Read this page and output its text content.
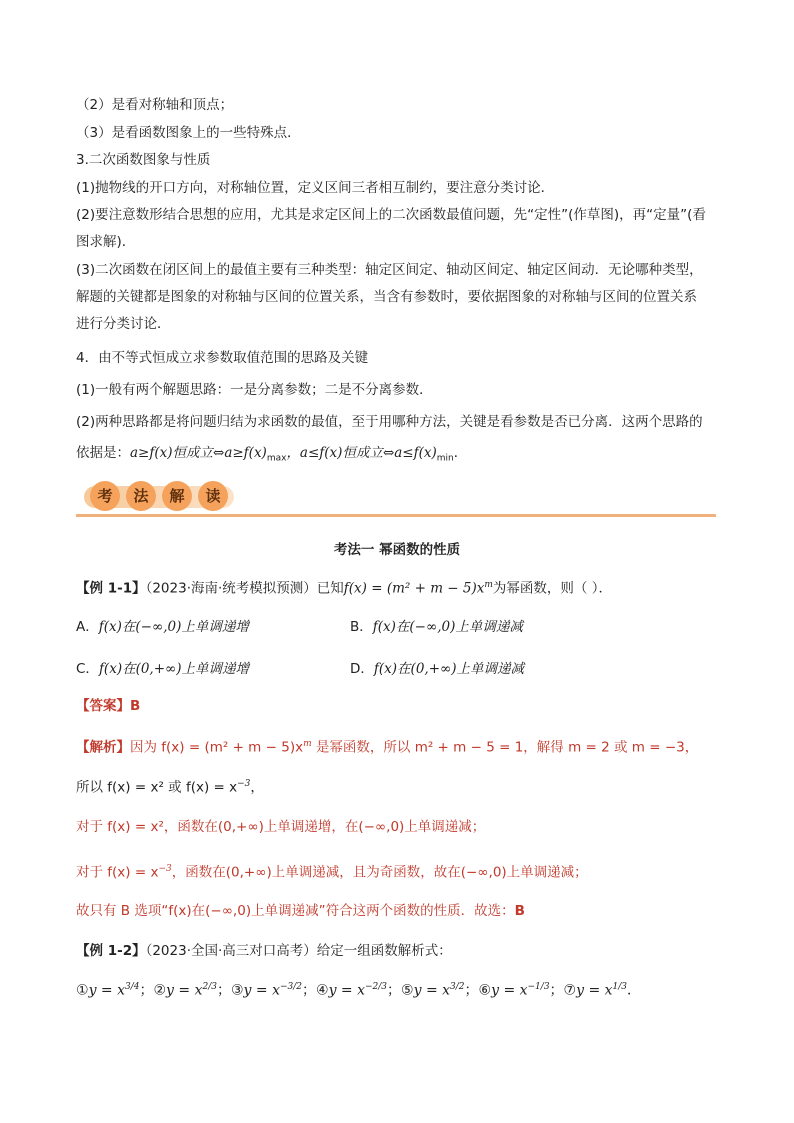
（2）是看对称轴和顶点；
（3）是看函数图象上的一些特殊点．
3.二次函数图象与性质
(1)抛物线的开口方向，对称轴位置，定义区间三者相互制约，要注意分类讨论．
(2)要注意数形结合思想的应用，尤其是求定区间上的二次函数最值问题，先“定性”(作草图)，再“定量”(看
图求解)．
(3)二次函数在闭区间上的最值主要有三种类型：轴定区间定、轴动区间定、轴定区间动．无论哪种类型，
解题的关键都是图象的对称轴与区间的位置关系，当含有参数时，要依据图象的对称轴与区间的位置关系
进行分类讨论．
4．由不等式恒成立求参数取值范围的思路及关键
(1)一般有两个解题思路：一是分离参数；二是不分离参数．
(2)两种思路都是将问题归结为求函数的最值，至于用哪种方法，关键是看参数是否已分离．这两个思路的
依据是：a≥f(x)恒成立$\Leftrightarrow a\ge f(x)_{max}$，a≤f(x)恒成立$\Leftrightarrow a\le f(x)_{min}$．
考	法	解	读
考法一 幂函数的性质
【例 1-1】（2023·海南·统考模拟预测）已知$f(x) = (m^2 + m - 5)x^m$为幂函数，则（ ）．
A．f(x)在(−∞,0)上单调递增	B．f(x)在(−∞,0)上单调递减
C．f(x)在(0,+∞)上单调递增	D．f(x)在(0,+∞)上单调递减
【答案】B
【解析】因为 $f(x) = (m^2 + m - 5)x^m$ 是幂函数，所以 m² + m − 5 = 1，解得 m = 2 或 m = −3，
所以 f(x) = x² 或 $f(x) = x^{-3}$，
对于 f(x) = x²，函数在(0,+∞)上单调递增，在(−∞,0)上单调递减；
对于 $f(x) = x^{-3}$，函数在(0,+∞)上单调递减，且为奇函数，故在(−∞,0)上单调递减；
故只有 B 选项“f(x)在(−∞,0)上单调递减”符合这两个函数的性质．故选：B
【例 1-2】（2023·全国·高三对口高考）给定一组函数解析式：
①y = $x^{3/4}$；②y = $x^{2/3}$；③y = $x^{-3/2}$；④y = $x^{-2/3}$；⑤y = $x^{3/2}$；⑥y = $x^{-1/3}$；⑦y = $x^{1/3}$．
